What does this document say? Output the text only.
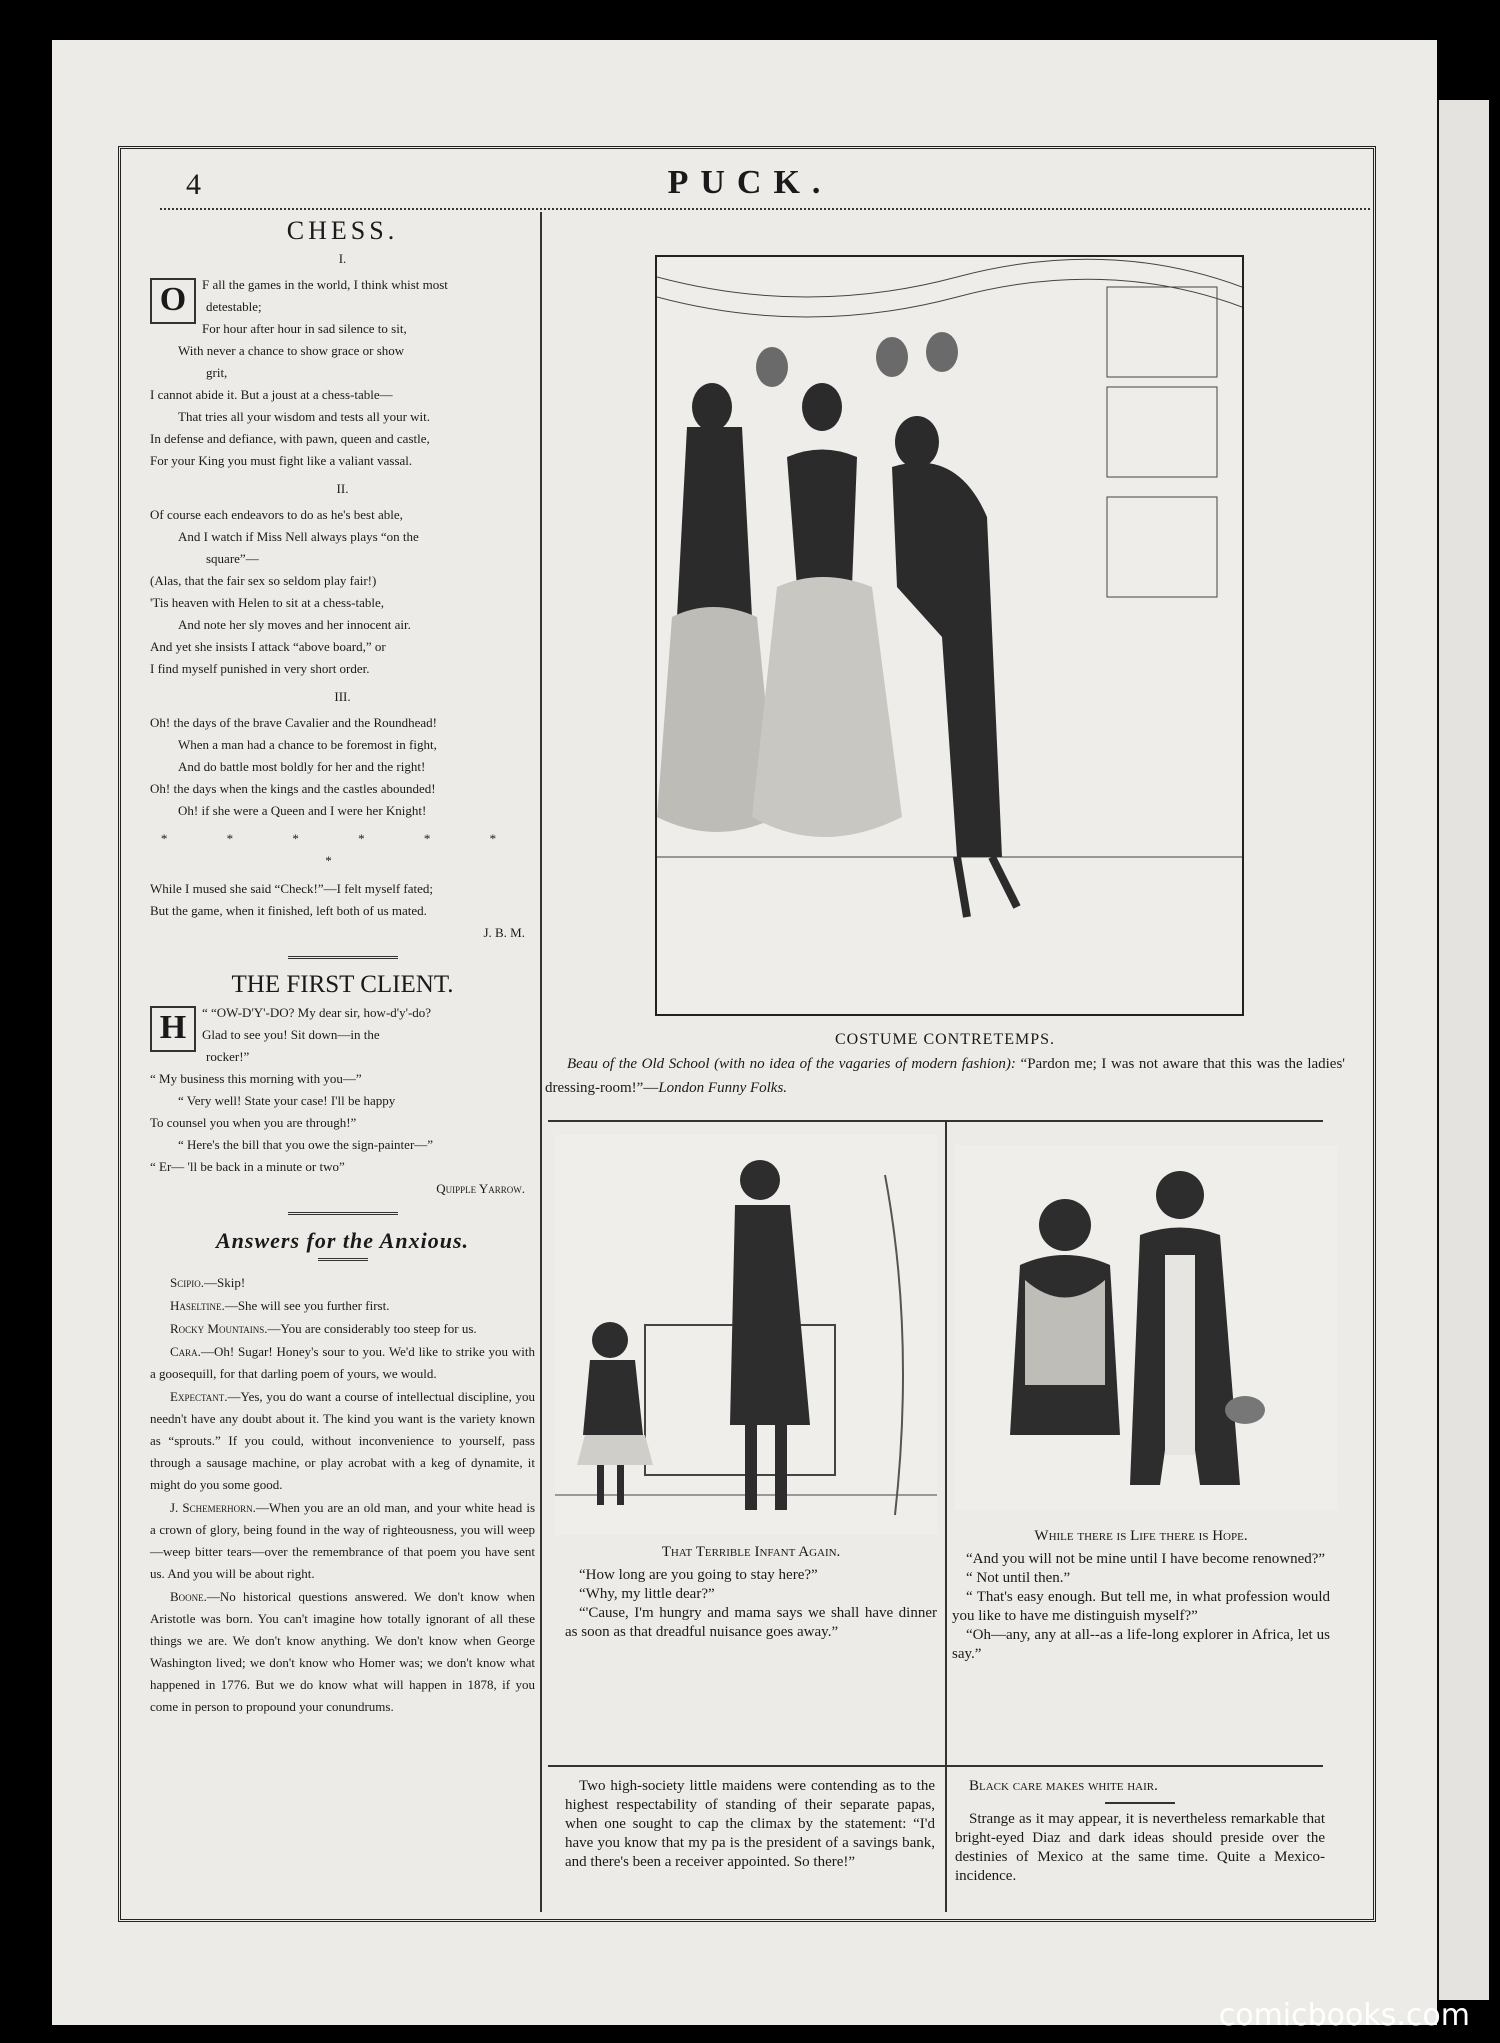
4	PUCK.
CHESS.
I.
O	F all the games in the world, I think whist most
detestable;
For hour after hour in sad silence to sit,
With never a chance to show grace or show
grit,
I cannot abide it. But a joust at a chess-table—
That tries all your wisdom and tests all your wit.
In defense and defiance, with pawn, queen and castle,
For your King you must fight like a valiant vassal.
II.
Of course each endeavors to do as he's best able,
And I watch if Miss Nell always plays “on the
square”—
(Alas, that the fair sex so seldom play fair!)
'Tis heaven with Helen to sit at a chess-table,
And note her sly moves and her innocent air.
And yet she insists I attack “above board,” or
I find myself punished in very short order.
III.
Oh! the days of the brave Cavalier and the Roundhead!
When a man had a chance to be foremost in fight,
And do battle most boldly for her and the right!
Oh! the days when the kings and the castles abounded!
Oh! if she were a Queen and I were her Knight!
* * * * * * *
While I mused she said “Check!”—I felt myself fated;
But the game, when it finished, left both of us mated.
J. B. M.
THE FIRST CLIENT.
H	“ “OW-D'Y'-DO? My dear sir, how-d'y'-do?
Glad to see you! Sit down—in the
rocker!”
“ My business this morning with you—”
“ Very well! State your case! I'll be happy
To counsel you when you are through!”
“ Here's the bill that you owe the sign-painter—”
“ Er— 'll be back in a minute or two”
Quipple Yarrow.
Answers for the Anxious.

Scipio.—Skip!

Haseltine.—She will see you further first.

Rocky Mountains.—You are considerably too steep for us.

Cara.—Oh! Sugar! Honey's sour to you. We'd like to strike you with a goosequill, for that darling poem of yours, we would.

Expectant.—Yes, you do want a course of intellectual discipline, you needn't have any doubt about it. The kind you want is the variety known as “sprouts.” If you could, without inconvenience to yourself, pass through a sausage machine, or play acrobat with a keg of dynamite, it might do you some good.

J. Schemerhorn.—When you are an old man, and your white head is a crown of glory, being found in the way of righteousness, you will weep—weep bitter tears—over the remembrance of that poem you have sent us. And you will be about right.

Boone.—No historical questions answered. We don't know when Aristotle was born. You can't imagine how totally ignorant of all these things we are. We don't know anything. We don't know when George Washington lived; we don't know who Homer was; we don't know what happened in 1776. But we do know what will happen in 1878, if you come in person to propound your conundrums.

COSTUME CONTRETEMPS.
Beau of the Old School (with no idea of the vagaries of modern fashion): “Pardon me; I was not aware that this was the ladies' dressing-room!”—London Funny Folks.
That Terrible Infant Again.

“How long are you going to stay here?”

“Why, my little dear?”

“'Cause, I'm hungry and mama says we shall have dinner as soon as that dreadful nuisance goes away.”

While there is Life there is Hope.

“And you will not be mine until I have become renowned?”

“ Not until then.”

“ That's easy enough. But tell me, in what profession would you like to have me distinguish myself?”

“Oh—any, any at all--as a life-long explorer in Africa, let us say.”

Two high-society little maidens were contending as to the highest respectability of standing of their separate papas, when one sought to cap the climax by the statement: “I'd have you know that my pa is the president of a savings bank, and there's been a receiver appointed. So there!”

Black care makes white hair.

Strange as it may appear, it is nevertheless remarkable that bright-eyed Diaz and dark ideas should preside over the destinies of Mexico at the same time. Quite a Mexico-incidence.

comicbooks.com
